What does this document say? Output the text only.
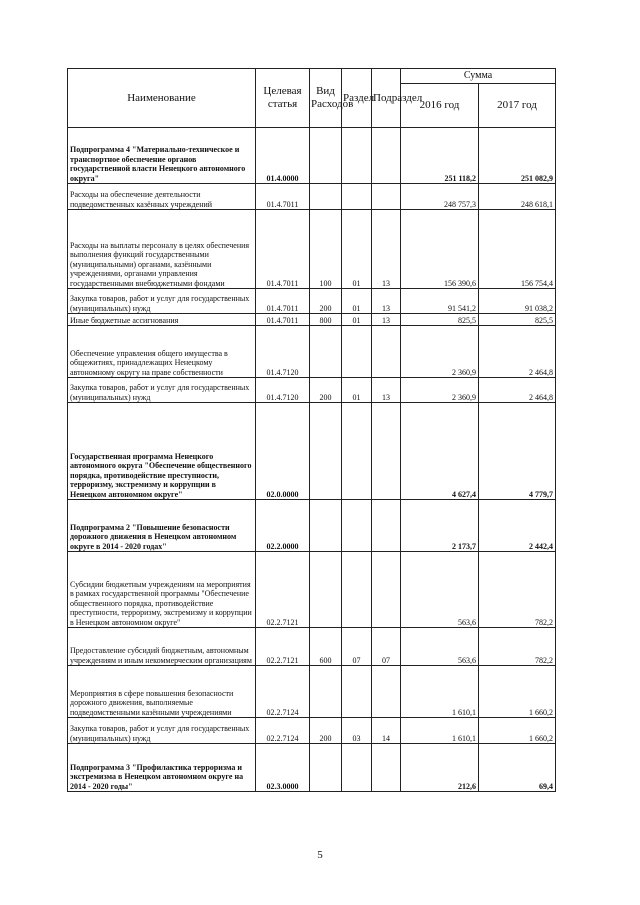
Наименование	Целевая статья	Вид Расходов	Раздел	Подраздел	Сумма	
					2016 год	2017 год
Подпрограмма 4 "Материально-техническое и транспортное обеспечение органов государственной власти Ненецкого автономного округа"	01.4.0000				251 118,2	251 082,9
Расходы на обеспечение деятельности подведомственных казённых учреждений	01.4.7011				248 757,3	248 618,1
Расходы на выплаты персоналу в целях обеспечения выполнения функций государственными (муниципальными) органами, казёнными учреждениями, органами управления государственными внебюджетными фондами	01.4.7011	100	01	13	156 390,6	156 754,4
Закупка товаров, работ и услуг для государственных (муниципальных) нужд	01.4.7011	200	01	13	91 541,2	91 038,2
Иные бюджетные ассигнования	01.4.7011	800	01	13	825,5	825,5
Обеспечение управления общего имущества в общежитиях, принадлежащих Ненецкому автономному округу на праве собственности	01.4.7120				2 360,9	2 464,8
Закупка товаров, работ и услуг для государственных (муниципальных) нужд	01.4.7120	200	01	13	2 360,9	2 464,8
Государственная программа Ненецкого автономного округа "Обеспечение общественного порядка, противодействие преступности, терроризму, экстремизму и коррупции в Ненецком автономном округе"	02.0.0000				4 627,4	4 779,7
Подпрограмма 2 "Повышение безопасности дорожного движения в Ненецком автономном округе в 2014 - 2020 годах"	02.2.0000				2 173,7	2 442,4
Субсидии бюджетным учреждениям на мероприятия в рамках государственной программы "Обеспечение общественного порядка, противодействие преступности, терроризму, экстремизму и коррупции в Ненецком автономном округе"	02.2.7121				563,6	782,2
Предоставление субсидий бюджетным, автономным учреждениям и иным некоммерческим организациям	02.2.7121	600	07	07	563,6	782,2
Мероприятия в сфере повышения безопасности дорожного движения, выполняемые подведомственными казёнными учреждениями	02.2.7124				1 610,1	1 660,2
Закупка товаров, работ и услуг для государственных (муниципальных) нужд	02.2.7124	200	03	14	1 610,1	1 660,2
Подпрограмма 3 "Профилактика терроризма и экстремизма в Ненецком автономном округе на 2014 - 2020 годы"	02.3.0000				212,6	69,4
5
